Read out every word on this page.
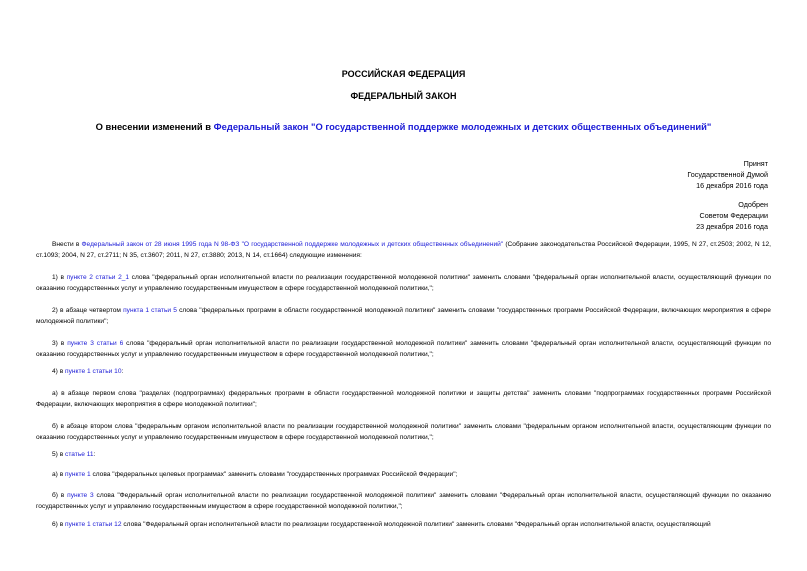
РОССИЙСКАЯ ФЕДЕРАЦИЯ
ФЕДЕРАЛЬНЫЙ ЗАКОН
О внесении изменений в Федеральный закон "О государственной поддержке молодежных и детских общественных объединений"
Принят
Государственной Думой
16 декабря 2016 года
Одобрен
Советом Федерации
23 декабря 2016 года
Внести в Федеральный закон от 28 июня 1995 года N 98-ФЗ "О государственной поддержке молодежных и детских общественных объединений" (Собрание законодательства Российской Федерации, 1995, N 27, ст.2503; 2002, N 12, ст.1093; 2004, N 27, ст.2711; N 35, ст.3607; 2011, N 27, ст.3880; 2013, N 14, ст.1664) следующие изменения:
1) в пункте 2 статьи 2_1 слова "федеральный орган исполнительной власти по реализации государственной молодежной политики" заменить словами "федеральный орган исполнительной власти, осуществляющий функции по оказанию государственных услуг и управлению государственным имуществом в сфере государственной молодежной политики,";
2) в абзаце четвертом пункта 1 статьи 5 слова "федеральных программ в области государственной молодежной политики" заменить словами "государственных программ Российской Федерации, включающих мероприятия в сфере молодежной политики";
3) в пункте 3 статьи 6 слова "федеральный орган исполнительной власти по реализации государственной молодежной политики" заменить словами "федеральный орган исполнительной власти, осуществляющий функции по оказанию государственных услуг и управлению государственным имуществом в сфере государственной молодежной политики,";
4) в пункте 1 статьи 10:
а) в абзаце первом слова "разделах (подпрограммах) федеральных программ в области государственной молодежной политики и защиты детства" заменить словами "подпрограммах государственных программ Российской Федерации, включающих мероприятия в сфере молодежной политики";
б) в абзаце втором слова "федеральным органом исполнительной власти по реализации государственной молодежной политики" заменить словами "федеральным органом исполнительной власти, осуществляющим функции по оказанию государственных услуг и управлению государственным имуществом в сфере государственной молодежной политики,";
5) в статье 11:
а) в пункте 1 слова "федеральных целевых программах" заменить словами "государственных программах Российской Федерации";
б) в пункте 3 слова "Федеральный орган исполнительной власти по реализации государственной молодежной политики" заменить словами "Федеральный орган исполнительной власти, осуществляющий функции по оказанию государственных услуг и управлению государственным имуществом в сфере государственной молодежной политики,";
6) в пункте 1 статьи 12 слова "Федеральный орган исполнительной власти по реализации государственной молодежной политики" заменить словами "Федеральный орган исполнительной власти, осуществляющий
